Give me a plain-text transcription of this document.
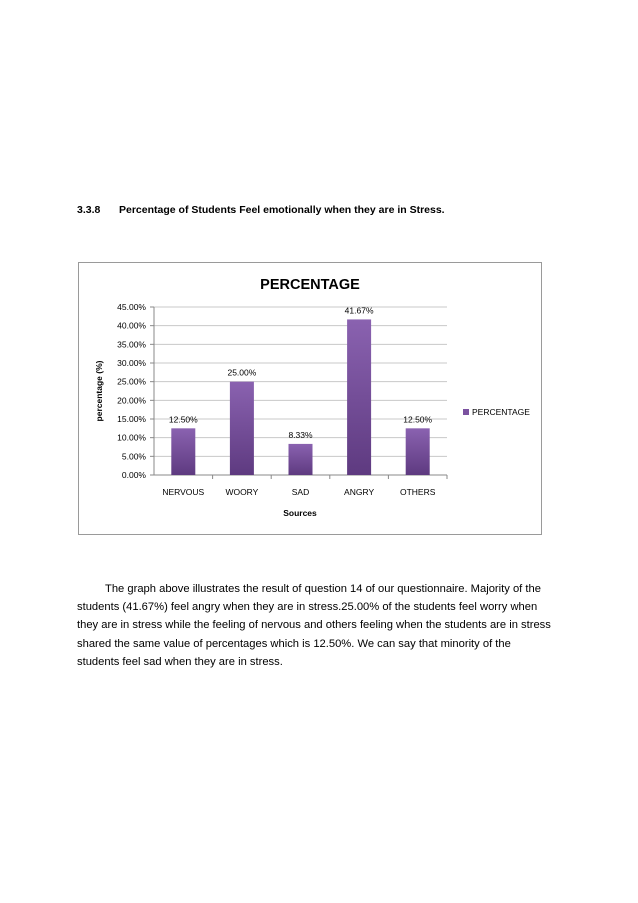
3.3.8 Percentage of Students Feel emotionally when they are in Stress.
PERCENTAGE
0.00%
5.00%
10.00%
15.00%
20.00%
25.00%
30.00%
35.00%
40.00%
45.00%
12.50%
NERVOUS
25.00%
WOORY
8.33%
SAD
41.67%
ANGRY
12.50%
OTHERS
Sources
percentage (%)	PERCENTAGE

The graph above illustrates the result of question 14 of our questionnaire. Majority of the students (41.67%) feel angry when they are in stress.25.00% of the students feel worry when they are in stress while the feeling of nervous and others feeling when the students are in stress shared the same value of percentages which is 12.50%. We can say that minority of the students feel sad when they are in stress.
